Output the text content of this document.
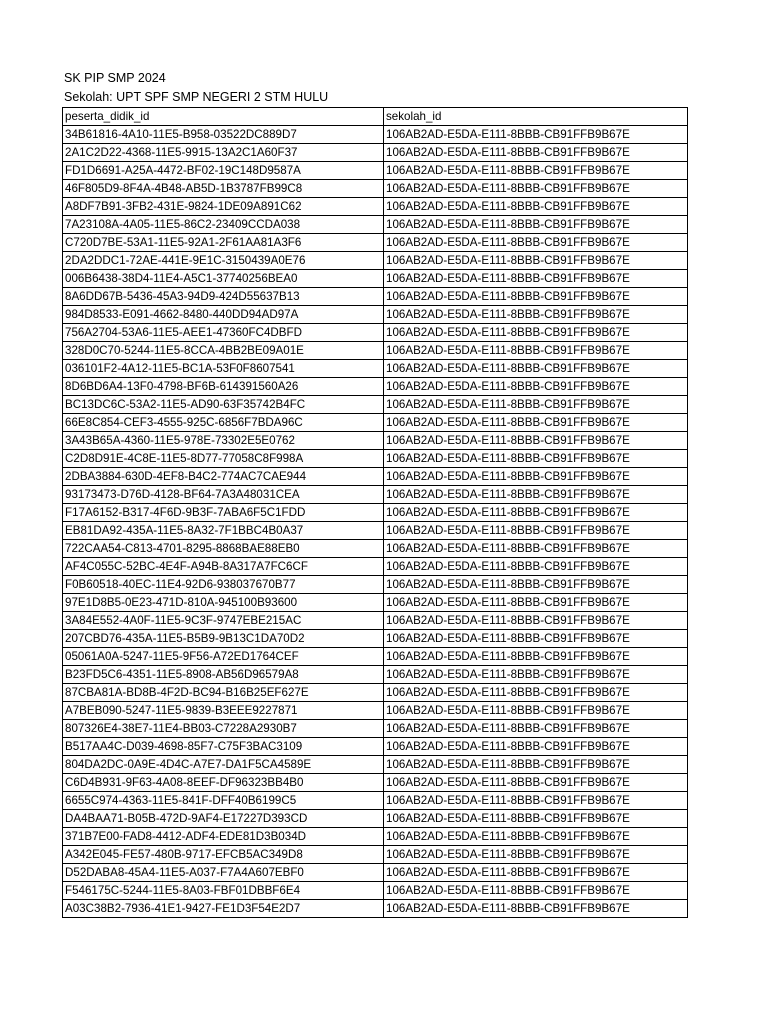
SK PIP SMP 2024
Sekolah: UPT SPF SMP NEGERI 2 STM HULU
peserta_didik_id	sekolah_id
34B61816-4A10-11E5-B958-03522DC889D7	106AB2AD-E5DA-E111-8BBB-CB91FFB9B67E
2A1C2D22-4368-11E5-9915-13A2C1A60F37	106AB2AD-E5DA-E111-8BBB-CB91FFB9B67E
FD1D6691-A25A-4472-BF02-19C148D9587A	106AB2AD-E5DA-E111-8BBB-CB91FFB9B67E
46F805D9-8F4A-4B48-AB5D-1B3787FB99C8	106AB2AD-E5DA-E111-8BBB-CB91FFB9B67E
A8DF7B91-3FB2-431E-9824-1DE09A891C62	106AB2AD-E5DA-E111-8BBB-CB91FFB9B67E
7A23108A-4A05-11E5-86C2-23409CCDA038	106AB2AD-E5DA-E111-8BBB-CB91FFB9B67E
C720D7BE-53A1-11E5-92A1-2F61AA81A3F6	106AB2AD-E5DA-E111-8BBB-CB91FFB9B67E
2DA2DDC1-72AE-441E-9E1C-3150439A0E76	106AB2AD-E5DA-E111-8BBB-CB91FFB9B67E
006B6438-38D4-11E4-A5C1-37740256BEA0	106AB2AD-E5DA-E111-8BBB-CB91FFB9B67E
8A6DD67B-5436-45A3-94D9-424D55637B13	106AB2AD-E5DA-E111-8BBB-CB91FFB9B67E
984D8533-E091-4662-8480-440DD94AD97A	106AB2AD-E5DA-E111-8BBB-CB91FFB9B67E
756A2704-53A6-11E5-AEE1-47360FC4DBFD	106AB2AD-E5DA-E111-8BBB-CB91FFB9B67E
328D0C70-5244-11E5-8CCA-4BB2BE09A01E	106AB2AD-E5DA-E111-8BBB-CB91FFB9B67E
036101F2-4A12-11E5-BC1A-53F0F8607541	106AB2AD-E5DA-E111-8BBB-CB91FFB9B67E
8D6BD6A4-13F0-4798-BF6B-614391560A26	106AB2AD-E5DA-E111-8BBB-CB91FFB9B67E
BC13DC6C-53A2-11E5-AD90-63F35742B4FC	106AB2AD-E5DA-E111-8BBB-CB91FFB9B67E
66E8C854-CEF3-4555-925C-6856F7BDA96C	106AB2AD-E5DA-E111-8BBB-CB91FFB9B67E
3A43B65A-4360-11E5-978E-73302E5E0762	106AB2AD-E5DA-E111-8BBB-CB91FFB9B67E
C2D8D91E-4C8E-11E5-8D77-77058C8F998A	106AB2AD-E5DA-E111-8BBB-CB91FFB9B67E
2DBA3884-630D-4EF8-B4C2-774AC7CAE944	106AB2AD-E5DA-E111-8BBB-CB91FFB9B67E
93173473-D76D-4128-BF64-7A3A48031CEA	106AB2AD-E5DA-E111-8BBB-CB91FFB9B67E
F17A6152-B317-4F6D-9B3F-7ABA6F5C1FDD	106AB2AD-E5DA-E111-8BBB-CB91FFB9B67E
EB81DA92-435A-11E5-8A32-7F1BBC4B0A37	106AB2AD-E5DA-E111-8BBB-CB91FFB9B67E
722CAA54-C813-4701-8295-8868BAE88EB0	106AB2AD-E5DA-E111-8BBB-CB91FFB9B67E
AF4C055C-52BC-4E4F-A94B-8A317A7FC6CF	106AB2AD-E5DA-E111-8BBB-CB91FFB9B67E
F0B60518-40EC-11E4-92D6-938037670B77	106AB2AD-E5DA-E111-8BBB-CB91FFB9B67E
97E1D8B5-0E23-471D-810A-945100B93600	106AB2AD-E5DA-E111-8BBB-CB91FFB9B67E
3A84E552-4A0F-11E5-9C3F-9747EBE215AC	106AB2AD-E5DA-E111-8BBB-CB91FFB9B67E
207CBD76-435A-11E5-B5B9-9B13C1DA70D2	106AB2AD-E5DA-E111-8BBB-CB91FFB9B67E
05061A0A-5247-11E5-9F56-A72ED1764CEF	106AB2AD-E5DA-E111-8BBB-CB91FFB9B67E
B23FD5C6-4351-11E5-8908-AB56D96579A8	106AB2AD-E5DA-E111-8BBB-CB91FFB9B67E
87CBA81A-BD8B-4F2D-BC94-B16B25EF627E	106AB2AD-E5DA-E111-8BBB-CB91FFB9B67E
A7BEB090-5247-11E5-9839-B3EEE9227871	106AB2AD-E5DA-E111-8BBB-CB91FFB9B67E
807326E4-38E7-11E4-BB03-C7228A2930B7	106AB2AD-E5DA-E111-8BBB-CB91FFB9B67E
B517AA4C-D039-4698-85F7-C75F3BAC3109	106AB2AD-E5DA-E111-8BBB-CB91FFB9B67E
804DA2DC-0A9E-4D4C-A7E7-DA1F5CA4589E	106AB2AD-E5DA-E111-8BBB-CB91FFB9B67E
C6D4B931-9F63-4A08-8EEF-DF96323BB4B0	106AB2AD-E5DA-E111-8BBB-CB91FFB9B67E
6655C974-4363-11E5-841F-DFF40B6199C5	106AB2AD-E5DA-E111-8BBB-CB91FFB9B67E
DA4BAA71-B05B-472D-9AF4-E17227D393CD	106AB2AD-E5DA-E111-8BBB-CB91FFB9B67E
371B7E00-FAD8-4412-ADF4-EDE81D3B034D	106AB2AD-E5DA-E111-8BBB-CB91FFB9B67E
A342E045-FE57-480B-9717-EFCB5AC349D8	106AB2AD-E5DA-E111-8BBB-CB91FFB9B67E
D52DABA8-45A4-11E5-A037-F7A4A607EBF0	106AB2AD-E5DA-E111-8BBB-CB91FFB9B67E
F546175C-5244-11E5-8A03-FBF01DBBF6E4	106AB2AD-E5DA-E111-8BBB-CB91FFB9B67E
A03C38B2-7936-41E1-9427-FE1D3F54E2D7	106AB2AD-E5DA-E111-8BBB-CB91FFB9B67E
